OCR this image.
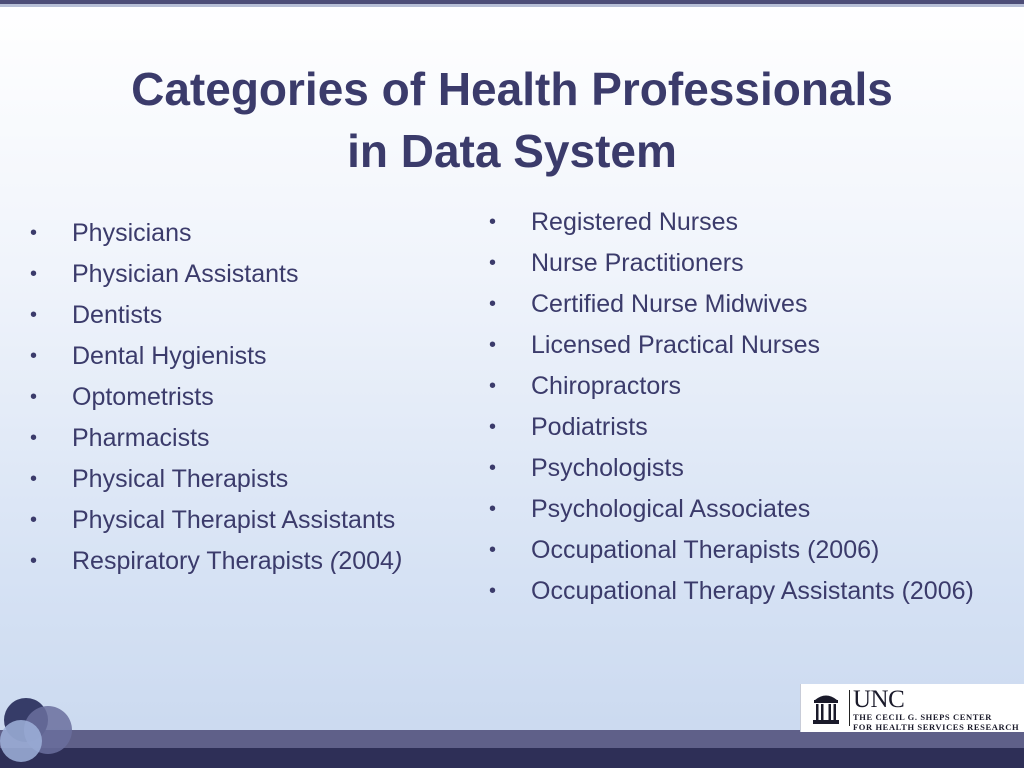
Categories of Health Professionals
in Data System
• Physicians
• Physician Assistants
• Dentists
• Dental Hygienists
• Optometrists
• Pharmacists
• Physical Therapists
• Physical Therapist Assistants
• Respiratory Therapists (2004)
• Registered Nurses
• Nurse Practitioners
• Certified Nurse Midwives
• Licensed Practical Nurses
• Chiropractors
• Podiatrists
• Psychologists
• Psychological Associates
• Occupational Therapists (2006)
• Occupational Therapy Assistants (2006)
UNC
THE CECIL G. SHEPS CENTER
FOR HEALTH SERVICES RESEARCH
